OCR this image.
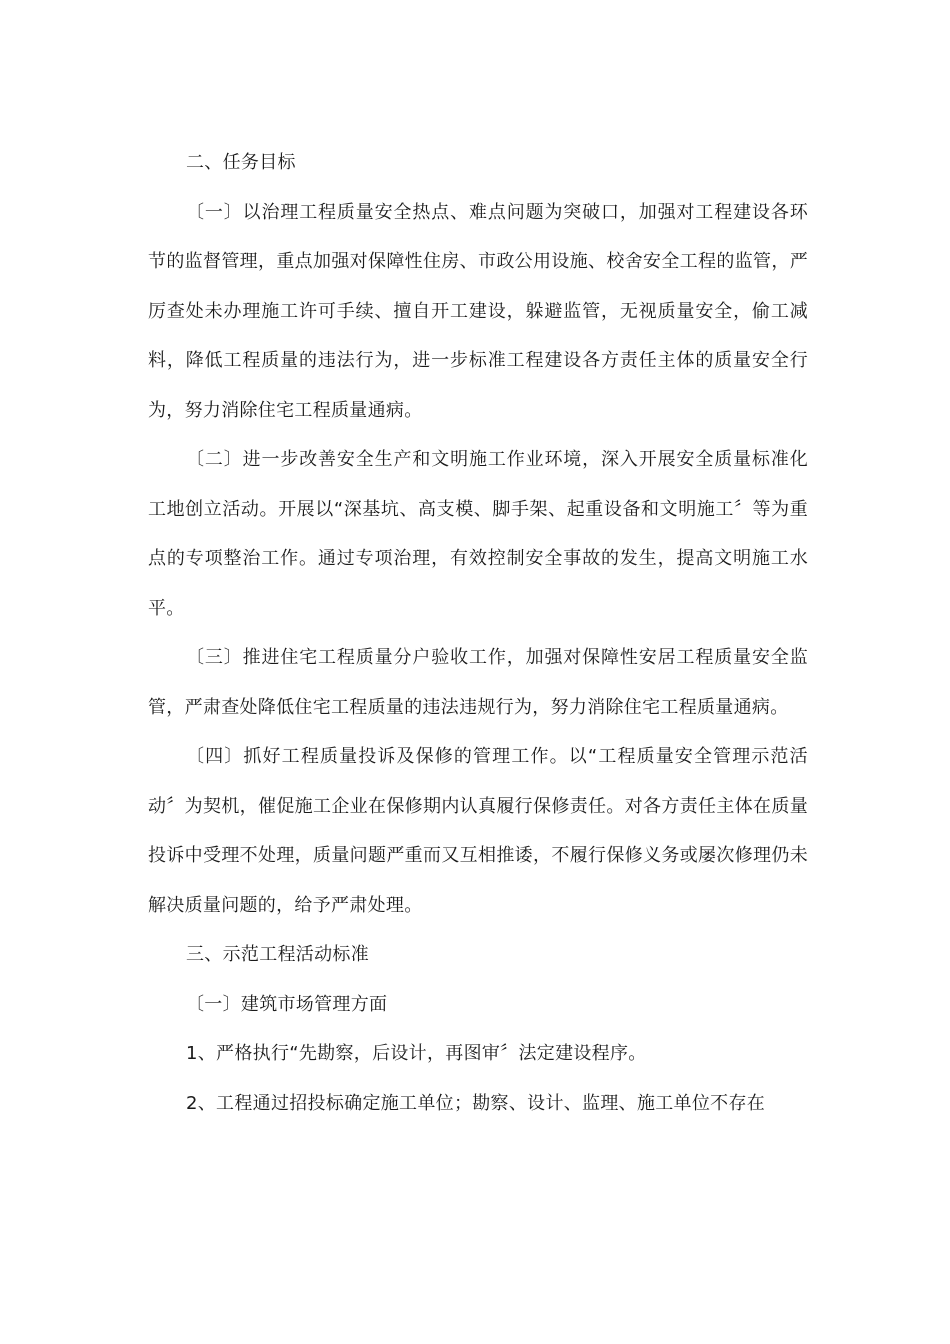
二、任务目标

〔一〕以治理工程质量安全热点、难点问题为突破口，加强对工程建设各环节的监督管理，重点加强对保障性住房、市政公用设施、校舍安全工程的监管，严厉查处未办理施工许可手续、擅自开工建设，躲避监管，无视质量安全，偷工减料，降低工程质量的违法行为，进一步标准工程建设各方责任主体的质量安全行为，努力消除住宅工程质量通病。

〔二〕进一步改善安全生产和文明施工作业环境，深入开展安全质量标准化工地创立活动。开展以“深基坑、高支模、脚手架、起重设备和文明施工〞等为重点的专项整治工作。通过专项治理，有效控制安全事故的发生，提高文明施工水平。

〔三〕推进住宅工程质量分户验收工作，加强对保障性安居工程质量安全监管，严肃查处降低住宅工程质量的违法违规行为，努力消除住宅工程质量通病。

〔四〕抓好工程质量投诉及保修的管理工作。以“工程质量安全管理示范活动〞为契机，催促施工企业在保修期内认真履行保修责任。对各方责任主体在质量投诉中受理不处理，质量问题严重而又互相推诿，不履行保修义务或屡次修理仍未解决质量问题的，给予严肃处理。

三、示范工程活动标准

〔一〕建筑市场管理方面

1、严格执行“先勘察，后设计，再图审〞法定建设程序。

2、工程通过招投标确定施工单位；勘察、设计、监理、施工单位不存在
